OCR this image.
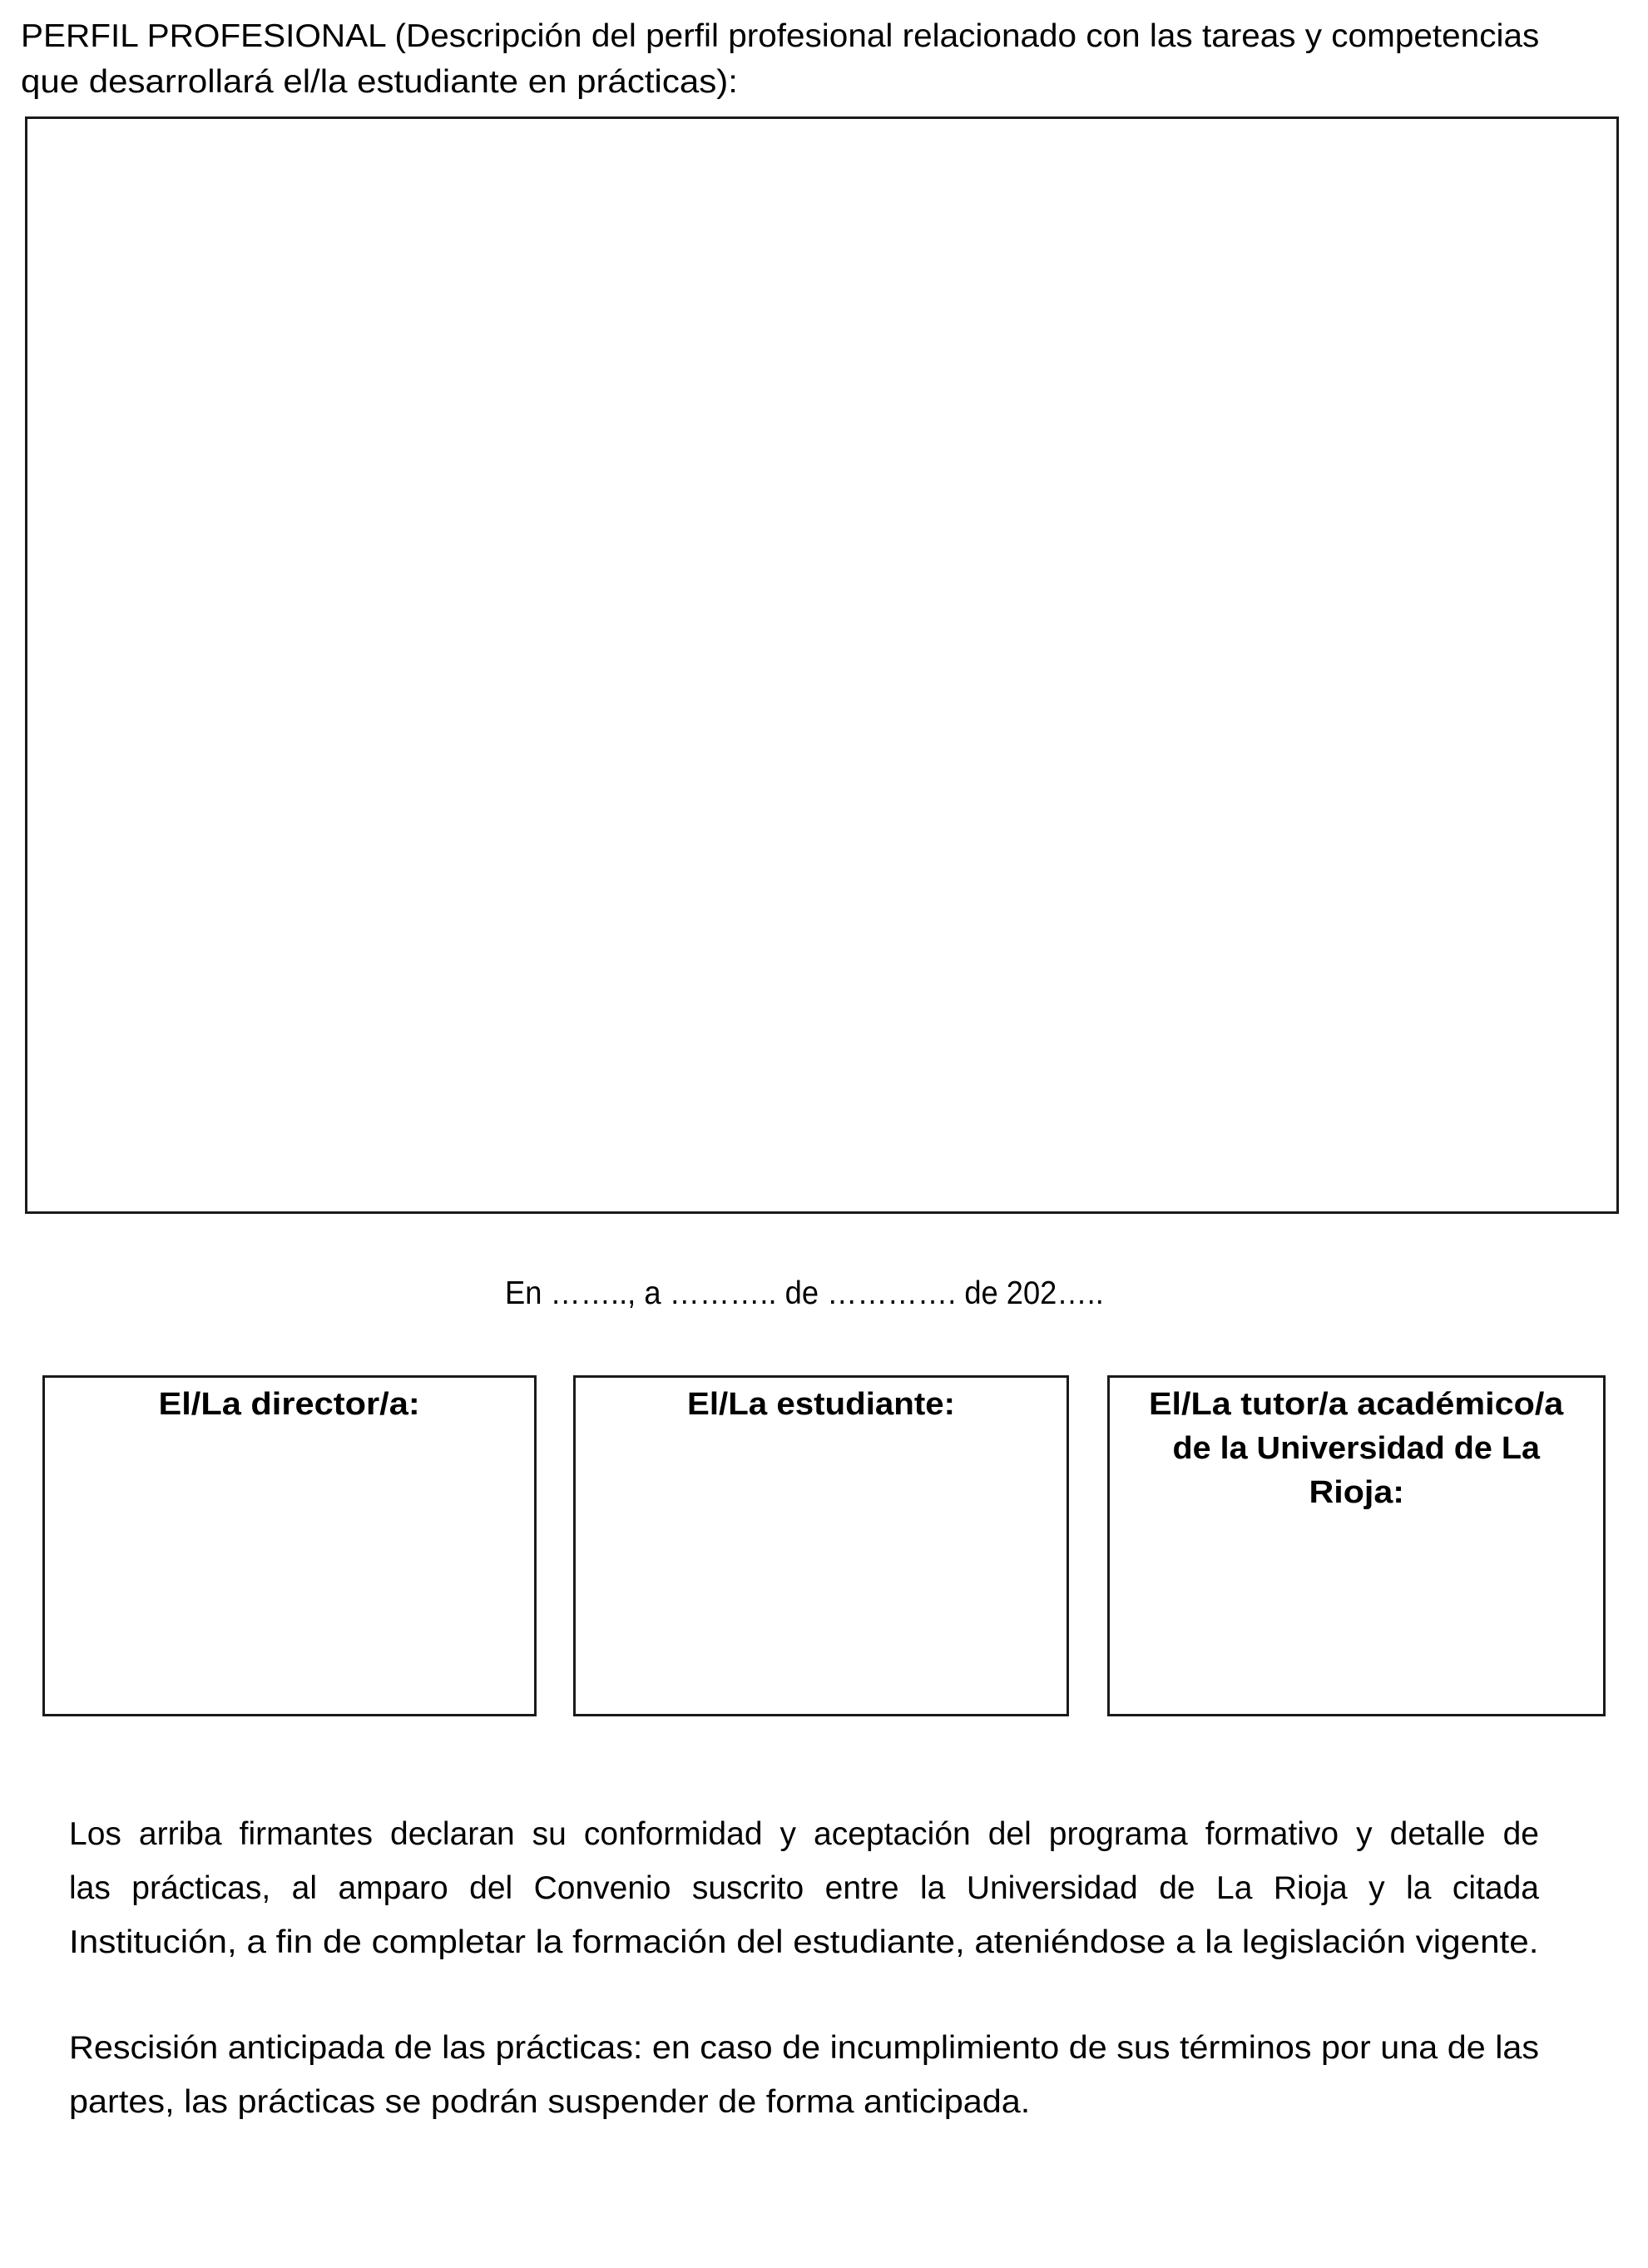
PERFIL PROFESIONAL (Descripción del perfil profesional relacionado con las tareas y competencias
que desarrollará el/la estudiante en prácticas):
En …….., a ……….. de …………. de 202…..
El/La director/a:	El/La estudiante:	El/La tutor/a académico/a
de la Universidad de La
Rioja:
Los arriba firmantes declaran su conformidad y aceptación del programa formativo y detalle de
las prácticas, al amparo del Convenio suscrito entre la Universidad de La Rioja y la citada
Institución, a fin de completar la formación del estudiante, ateniéndose a la legislación vigente.
Rescisión anticipada de las prácticas: en caso de incumplimiento de sus términos por una de las
partes, las prácticas se podrán suspender de forma anticipada.
